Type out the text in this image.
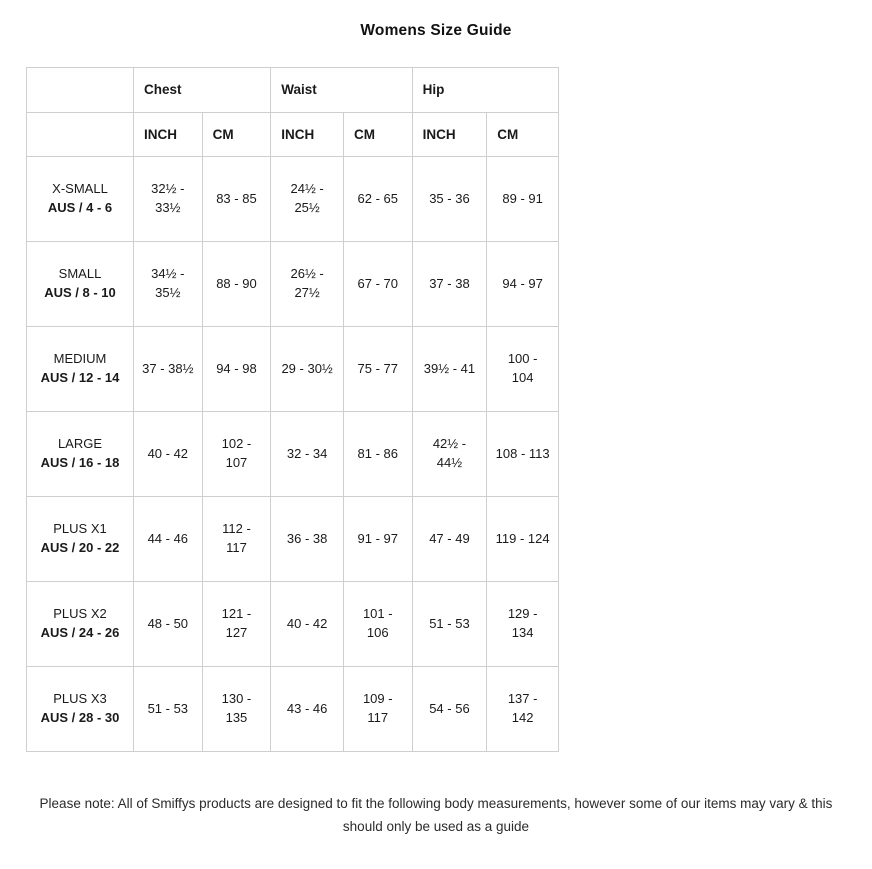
Womens Size Guide
	Chest		Waist		Hip	
	INCH	CM	INCH	CM	INCH	CM
X-SMALL
AUS / 4 - 6	32½ - 33½	83 - 85	24½ - 25½	62 - 65	35 - 36	89 - 91
SMALL
AUS / 8 - 10	34½ - 35½	88 - 90	26½ - 27½	67 - 70	37 - 38	94 - 97
MEDIUM
AUS / 12 - 14	37 - 38½	94 - 98	29 - 30½	75 - 77	39½ - 41	100 - 104
LARGE
AUS / 16 - 18	40 - 42	102 - 107	32 - 34	81 - 86	42½ - 44½	108 - 113
PLUS X1
AUS / 20 - 22	44 - 46	112 - 117	36 - 38	91 - 97	47 - 49	119 - 124
PLUS X2
AUS / 24 - 26	48 - 50	121 - 127	40 - 42	101 - 106	51 - 53	129 - 134
PLUS X3
AUS / 28 - 30	51 - 53	130 - 135	43 - 46	109 - 117	54 - 56	137 - 142
Please note: All of Smiffys products are designed to fit the following body measurements, however some of our items may vary & this should only be used as a guide
